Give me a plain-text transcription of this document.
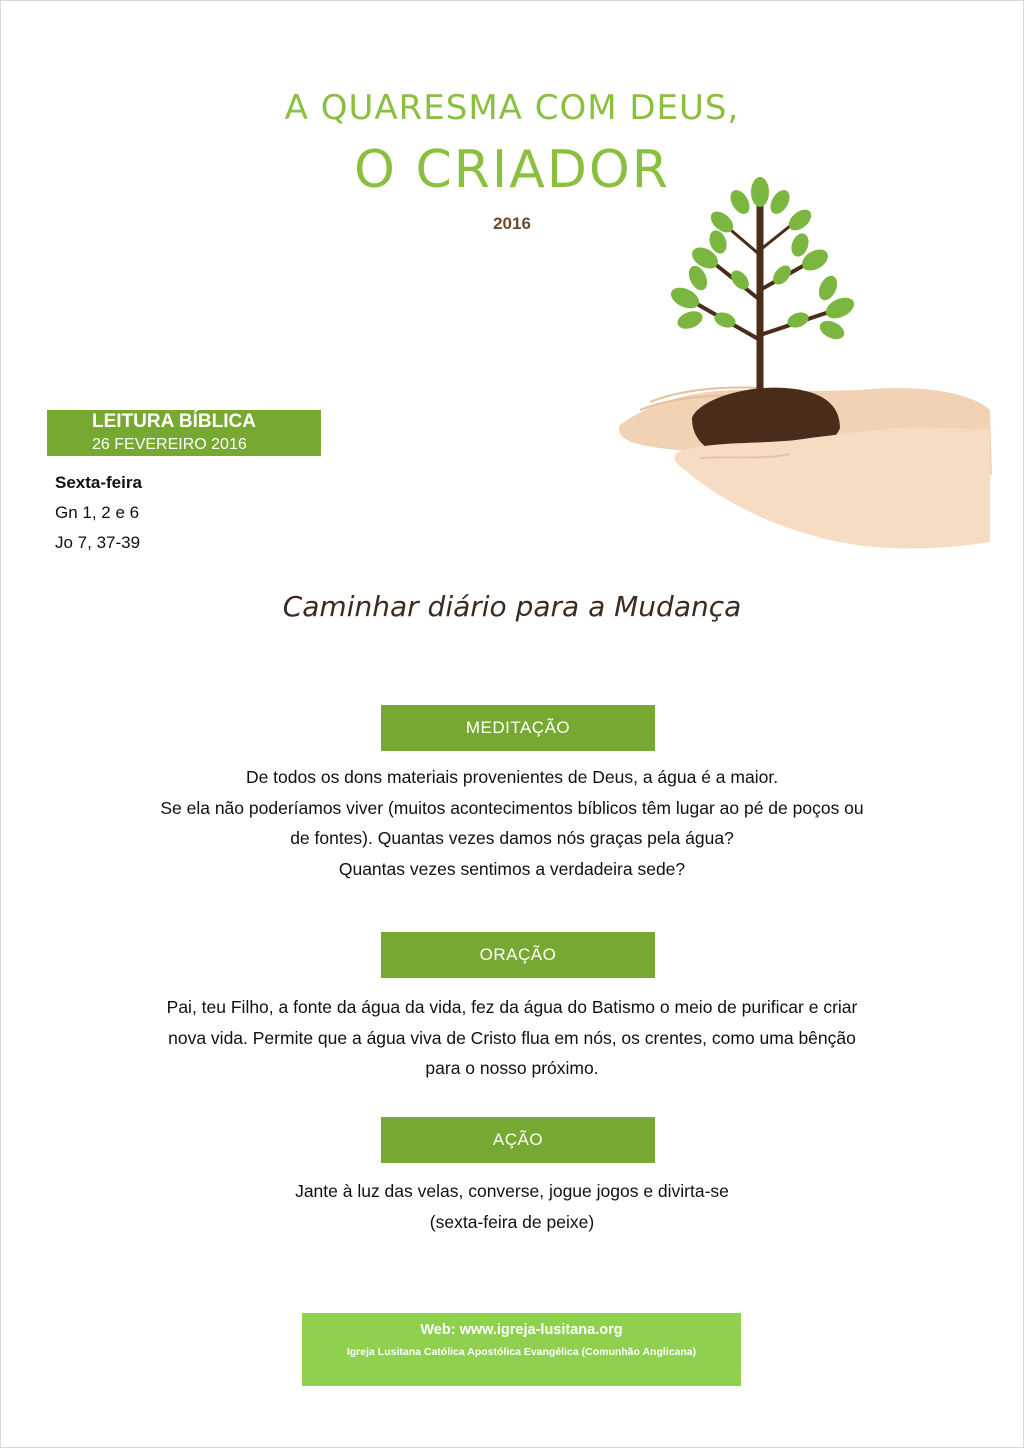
A QUARESMA COM DEUS,
O CRIADOR
2016
LEITURA BÍBLICA
26 FEVEREIRO 2016
Sexta-feira
Gn 1, 2 e 6
Jo 7, 37-39
Caminhar diário para a Mudança
MEDITAÇÃO
De todos os dons materiais provenientes de Deus, a água é a maior.
Se ela não poderíamos viver (muitos acontecimentos bíblicos têm lugar ao pé de poços ou
de fontes). Quantas vezes damos nós graças pela água?
Quantas vezes sentimos a verdadeira sede?
ORAÇÃO
Pai, teu Filho, a fonte da água da vida, fez da água do Batismo o meio de purificar e criar
nova vida. Permite que a água viva de Cristo flua em nós, os crentes, como uma bênção
para o nosso próximo.
AÇÃO
Jante à luz das velas, converse, jogue jogos e divirta-se
(sexta-feira de peixe)
Web: www.igreja-lusitana.org
Igreja Lusitana Católica Apostólica Evangélica (Comunhão Anglicana)
